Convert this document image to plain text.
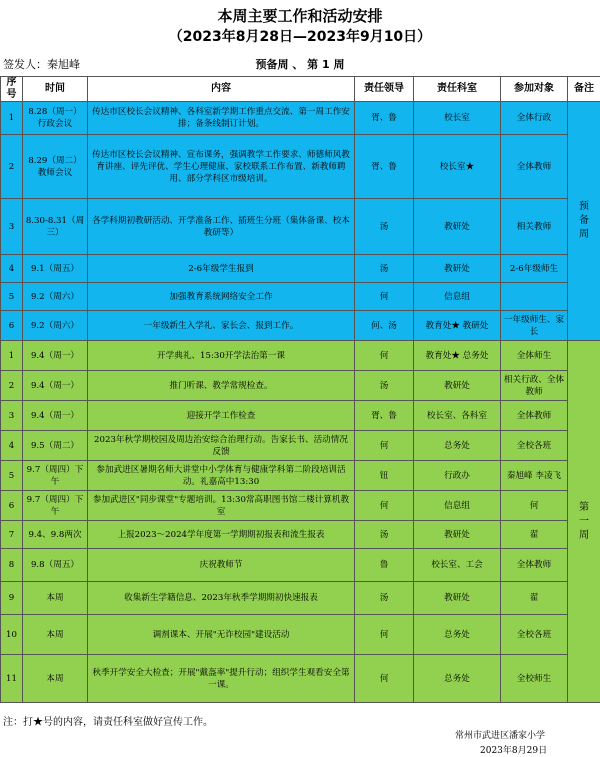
本周主要工作和活动安排
（2023年8月28日—2023年9月10日）
签发人：秦旭峰	预备周 、 第 1 周
序号	时间	内容	责任领导	责任科室	参加对象	备注
1	8.28（周一）行政会议	传达市区校长会议精神、各科室新学期工作重点交流、第一周工作安排；备条线制订计划。	胥、鲁	校长室	全体行政	预备周
2	8.29（周二）教师会议	传达市区校长会议精神、宣布课务，强调教学工作要求、师德师风教育讲座、评先评优、学生心理健康、家校联系工作布置、新教师聘用、部分学科区市级培训。	胥、鲁	校长室★	全体教师	
3	8.30-8.31（周三）	各学科期初教研活动、开学准备工作、插班生分班（集体备课、校本教研等）	汤	教研处	相关教师	
4	9.1（周五）	2-6年级学生报到	汤	教研处	2-6年级师生	
5	9.2（周六）	加强教育系统网络安全工作	何	信息组		
6	9.2（周六）	一年级新生入学礼、家长会、报到工作。	何、汤	教育处★ 教研处	一年级师生、家长	
1	9.4（周一）	开学典礼、15:30开学法治第一课	何	教育处★ 总务处	全体师生	第一周
2	9.4（周一）	推门听课、教学常规检查。	汤	教研处	相关行政、全体教师	
3	9.4（周一）	迎接开学工作检查	胥、鲁	校长室、各科室	全体教师	
4	9.5（周二）	2023年秋学期校园及周边治安综合治理行动。告家长书、活动情况反馈	何	总务处	全校各班	
5	9.7（周四）下午	参加武进区暑期名师大讲堂中小学体育与健康学科第二阶段培训活动。礼嘉高中13:30	钮	行政办	秦旭峰 李凌飞	
6	9.7（周四）下午	参加武进区"同步课堂"专题培训。13:30常高职图书馆二楼计算机教室	何	信息组	何	
7	9.4、9.8两次	上报2023～2024学年度第一学期期初报表和流生报表	汤	教研处	翟	
8	9.8（周五）	庆祝教师节	鲁	校长室、工会	全体教师	
9	本周	收集新生学籍信息、2023年秋季学期期初快速报表	汤	教研处	翟	
10	本周	调剂课本、开展"无诈校园"建设活动	何	总务处	全校各班	
11	本周	秋季开学安全大检查；开展"戴盔率"提升行动；组织学生观看安全第一课。	何	总务处	全校师生	
注：打★号的内容，请责任科室做好宣传工作。
常州市武进区潘家小学
2023年8月29日
